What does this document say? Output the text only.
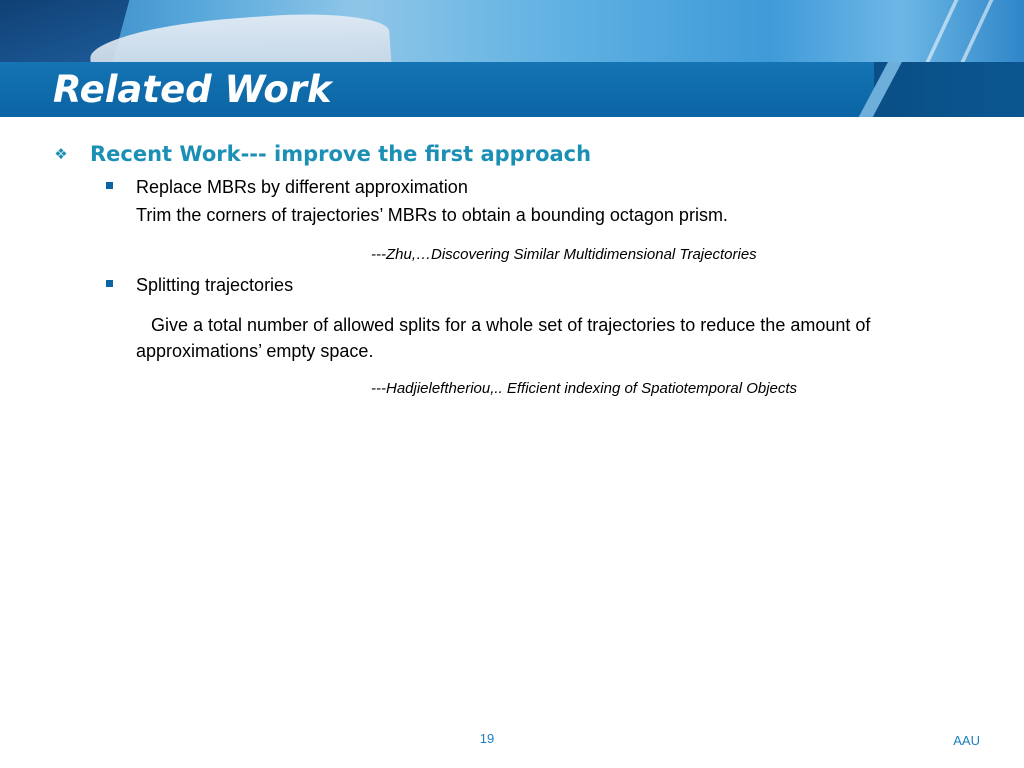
Related Work
❖ Recent Work--- improve the first approach
Replace MBRs by different approximation
Trim the corners of trajectories’ MBRs to obtain a bounding octagon prism.
---Zhu,…Discovering Similar Multidimensional Trajectories
Splitting trajectories
Give a total number of allowed splits for a whole set of trajectories to reduce the amount of approximations’ empty space.
---Hadjieleftheriou,.. Efficient indexing of Spatiotemporal Objects
19	AAU
